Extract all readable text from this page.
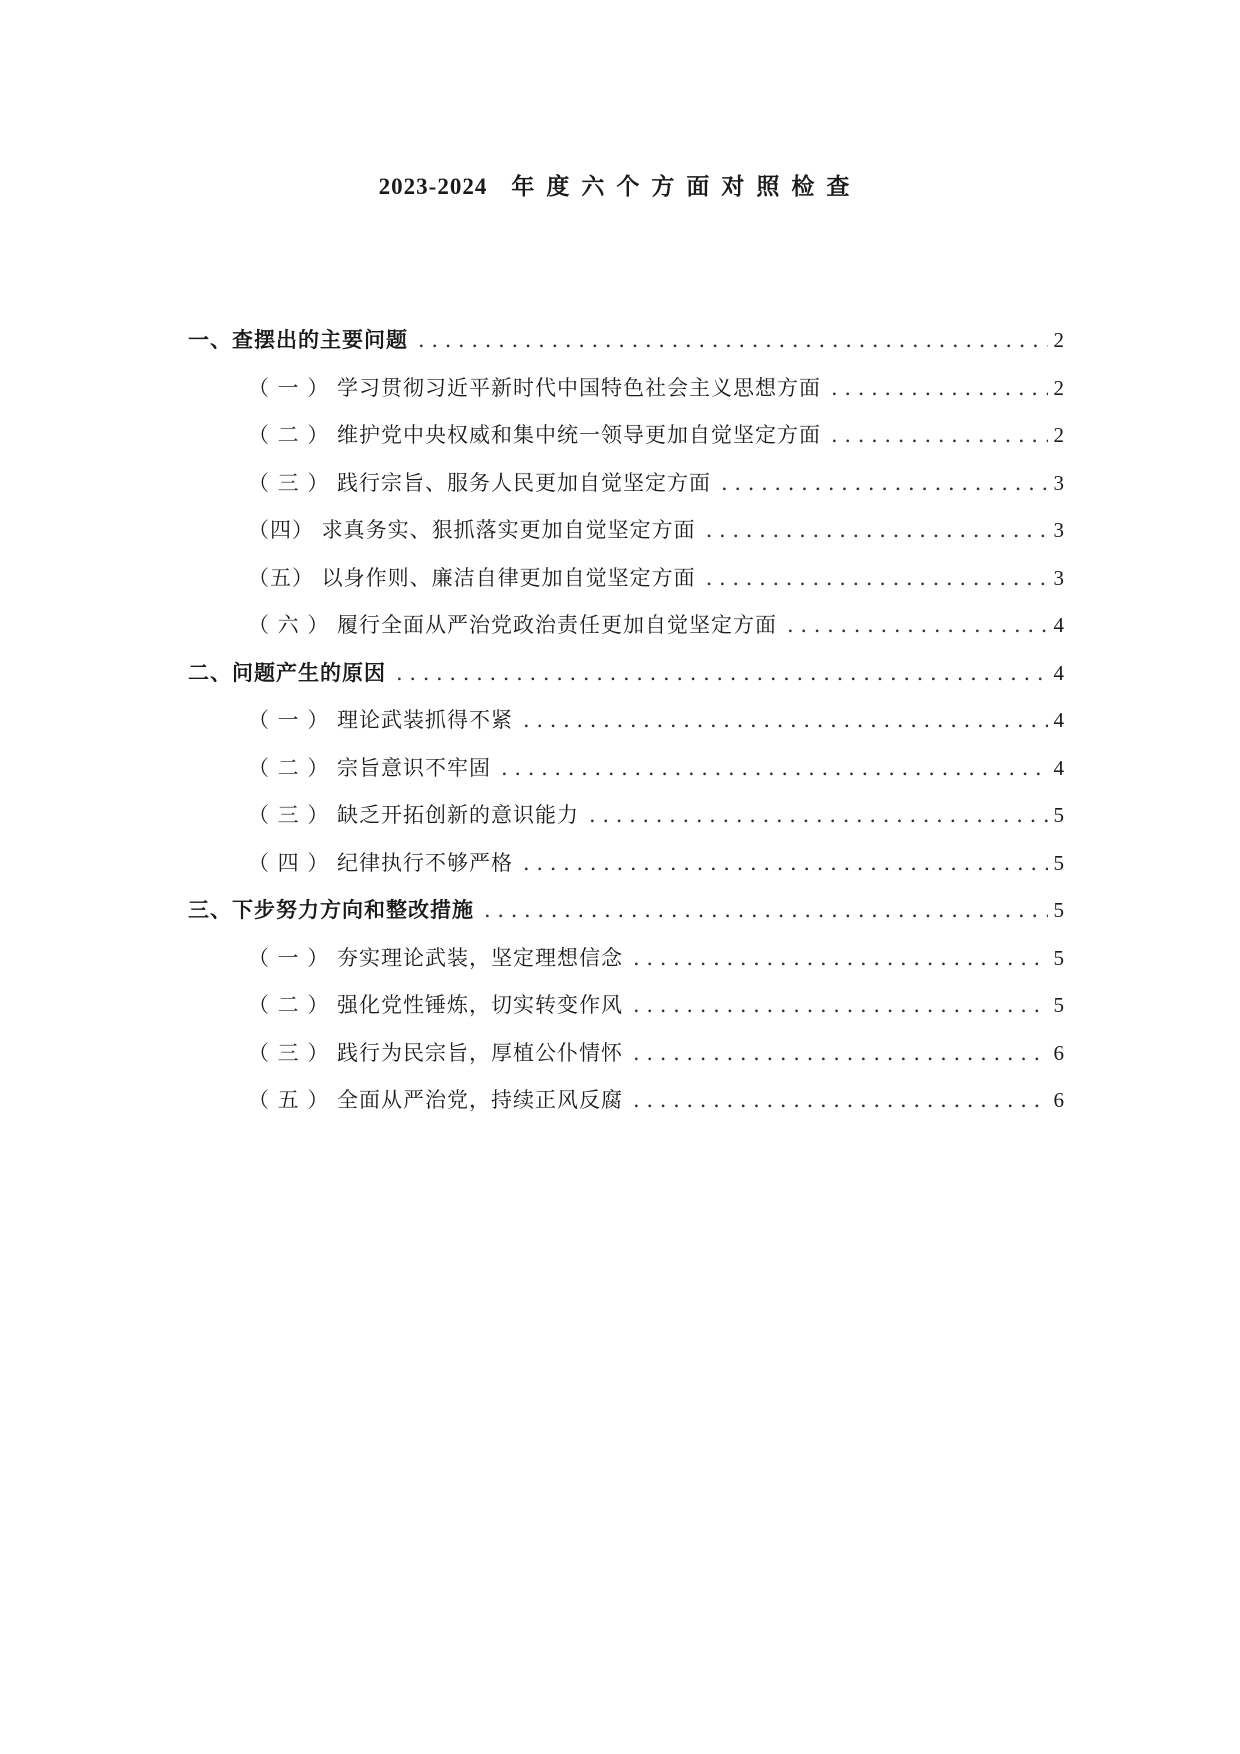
2023-2024 年度六个方面对照检查
一、查摆出的主要问题 . . .	2
（ 一 ） 学习贯彻习近平新时代中国特色社会主义思想方面 . . .	2
（ 二 ） 维护党中央权威和集中统一领导更加自觉坚定方面 . . .	2
（ 三 ） 践行宗旨、服务人民更加自觉坚定方面 . . .	3
（四） 求真务实、狠抓落实更加自觉坚定方面 . . .	3
（五） 以身作则、廉洁自律更加自觉坚定方面 . . .	3
（ 六 ） 履行全面从严治党政治责任更加自觉坚定方面 . . .	4
二、问题产生的原因 . . .	4
（ 一 ） 理论武装抓得不紧 . . .	4
（ 二 ） 宗旨意识不牢固 . . .	4
（ 三 ） 缺乏开拓创新的意识能力 . . .	5
（ 四 ） 纪律执行不够严格 . . .	5
三、下步努力方向和整改措施 . . .	5
（ 一 ） 夯实理论武装，坚定理想信念 . . .	5
（ 二 ） 强化党性锤炼，切实转变作风 . . .	5
（ 三 ） 践行为民宗旨，厚植公仆情怀 . . .	6
（ 五 ） 全面从严治党，持续正风反腐 . . .	6
